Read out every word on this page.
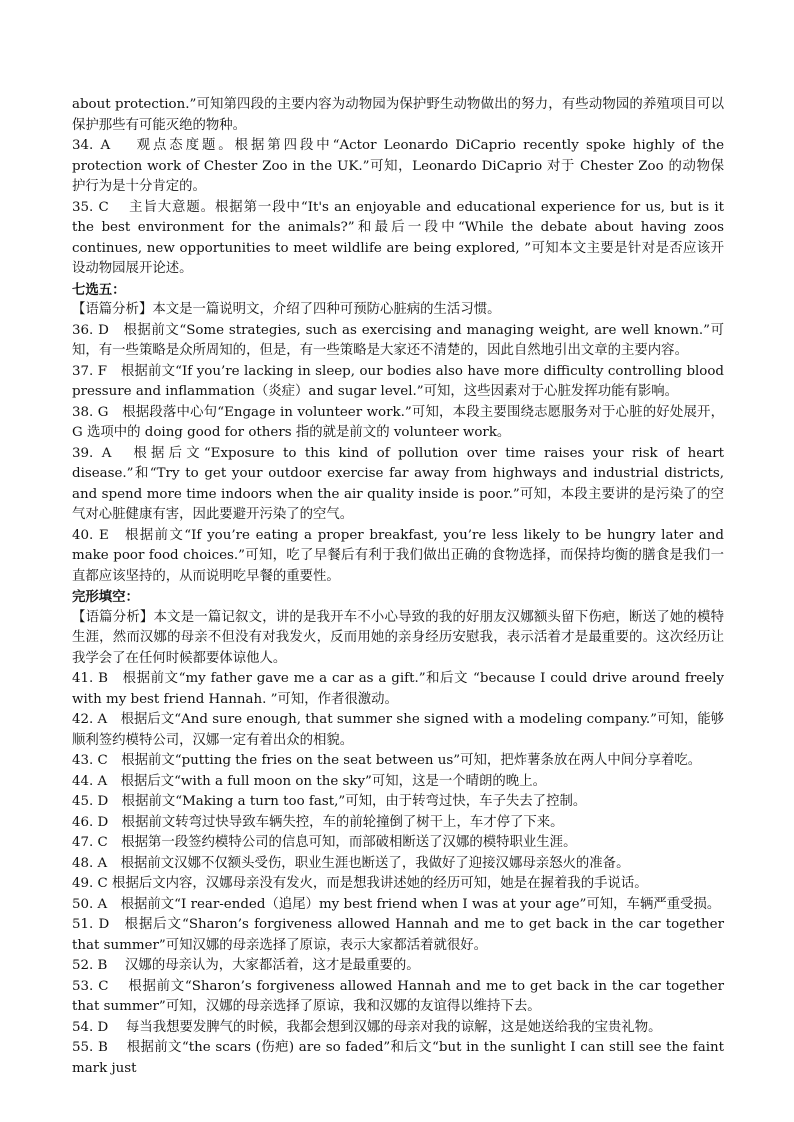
about protection.”可知第四段的主要内容为动物园为保护野生动物做出的努力，有些动物园的养殖项目可以保护那些有可能灭绝的物种。

34. A　 观点态度题。根据第四段中“Actor Leonardo DiCaprio recently spoke highly of the protection work of Chester Zoo in the UK.”可知，Leonardo DiCaprio 对于 Chester Zoo 的动物保护行为是十分肯定的。

35. C　 主旨大意题。根据第一段中“It's an enjoyable and educational experience for us, but is it the best environment for the animals?”和最后一段中“While the debate about having zoos continues, new opportunities to meet wildlife are being explored, ”可知本文主要是针对是否应该开设动物园展开论述。

七选五：

【语篇分析】本文是一篇说明文，介绍了四种可预防心脏病的生活习惯。

36. D　根据前文“Some strategies, such as exercising and managing weight, are well known.”可知，有一些策略是众所周知的，但是，有一些策略是大家还不清楚的，因此自然地引出文章的主要内容。

37. F　根据前文“If you’re lacking in sleep, our bodies also have more difficulty controlling blood pressure and inflammation（炎症）and sugar level.”可知，这些因素对于心脏发挥功能有影响。

38. G　根据段落中心句“Engage in volunteer work.”可知，本段主要围绕志愿服务对于心脏的好处展开，G 选项中的 doing good for others 指的就是前文的 volunteer work。

39. A　根据后文“Exposure to this kind of pollution over time raises your risk of heart disease.”和“Try to get your outdoor exercise far away from highways and industrial districts, and spend more time indoors when the air quality inside is poor.”可知，本段主要讲的是污染了的空气对心脏健康有害，因此要避开污染了的空气。

40. E　根据前文“If you’re eating a proper breakfast, you’re less likely to be hungry later and make poor food choices.”可知，吃了早餐后有利于我们做出正确的食物选择，而保持均衡的膳食是我们一直都应该坚持的，从而说明吃早餐的重要性。

完形填空：

【语篇分析】本文是一篇记叙文，讲的是我开车不小心导致的我的好朋友汉娜额头留下伤疤，断送了她的模特生涯，然而汉娜的母亲不但没有对我发火，反而用她的亲身经历安慰我，表示活着才是最重要的。这次经历让我学会了在任何时候都要体谅他人。

41. B　根据前文“my father gave me a car as a gift.”和后文 “because I could drive around freely with my best friend Hannah. ”可知，作者很激动。

42. A　根据后文“And sure enough, that summer she signed with a modeling company.”可知，能够顺利签约模特公司，汉娜一定有着出众的相貌。

43. C　根据前文“putting the fries on the seat between us”可知，把炸薯条放在两人中间分享着吃。

44. A　根据后文“with a full moon on the sky”可知，这是一个晴朗的晚上。

45. D　根据前文“Making a turn too fast,”可知，由于转弯过快，车子失去了控制。

46. D　根据前文转弯过快导致车辆失控，车的前轮撞倒了树干上，车才停了下来。

47. C　根据第一段签约模特公司的信息可知，而部破相断送了汉娜的模特职业生涯。

48. A　根据前文汉娜不仅额头受伤，职业生涯也断送了，我做好了迎接汉娜母亲怒火的准备。

49. C 根据后文内容，汉娜母亲没有发火，而是想我讲述她的经历可知，她是在握着我的手说话。

50. A　根据前文“I rear-ended（追尾）my best friend when I was at your age”可知，车辆严重受损。

51. D　根据后文“Sharon’s forgiveness allowed Hannah and me to get back in the car together that summer”可知汉娜的母亲选择了原谅，表示大家都活着就很好。

52. B　 汉娜的母亲认为，大家都活着，这才是最重要的。

53. C　 根据前文“Sharon’s forgiveness allowed Hannah and me to get back in the car together that summer”可知，汉娜的母亲选择了原谅，我和汉娜的友谊得以维持下去。

54. D　 每当我想要发脾气的时候，我都会想到汉娜的母亲对我的谅解，这是她送给我的宝贵礼物。

55. B　 根据前文“the scars (伤疤) are so faded”和后文“but in the sunlight I can still see the faint mark just
